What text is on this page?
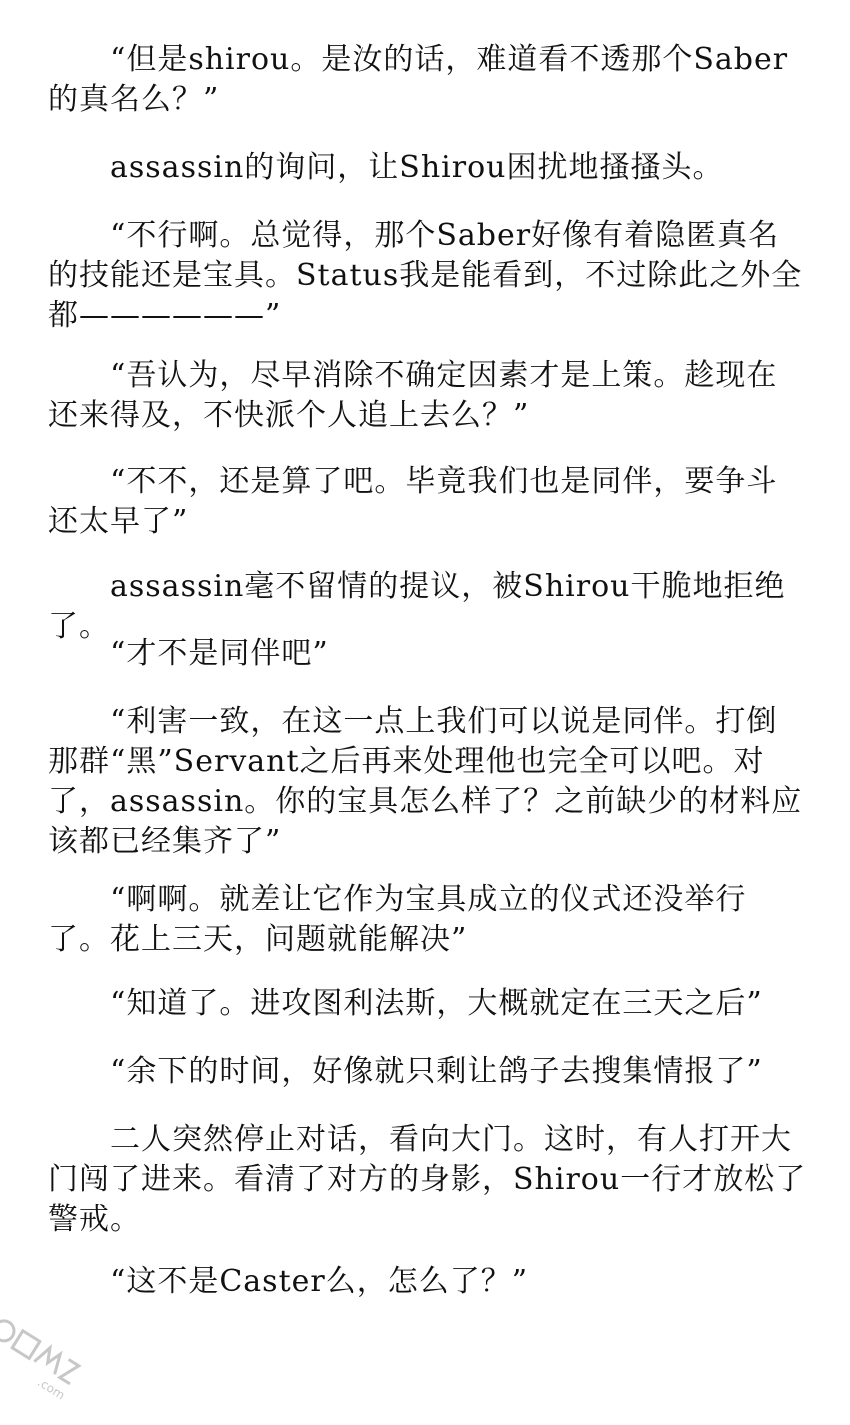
“但是shirou。是汝的话，难道看不透那个Saber的真名么？”

assassin的询问，让Shirou困扰地搔搔头。

“不行啊。总觉得，那个Saber好像有着隐匿真名的技能还是宝具。Status我是能看到，不过除此之外全都——————”

“吾认为，尽早消除不确定因素才是上策。趁现在还来得及，不快派个人追上去么？”

“不不，还是算了吧。毕竟我们也是同伴，要争斗还太早了”

assassin毫不留情的提议，被Shirou干脆地拒绝了。

“才不是同伴吧”

“利害一致，在这一点上我们可以说是同伴。打倒那群“黑”Servant之后再来处理他也完全可以吧。对了，assassin。你的宝具怎么样了？之前缺少的材料应该都已经集齐了”

“啊啊。就差让它作为宝具成立的仪式还没举行了。花上三天，问题就能解决”

“知道了。进攻图利法斯，大概就定在三天之后”

“余下的时间，好像就只剩让鸽子去搜集情报了”

二人突然停止对话，看向大门。这时，有人打开大门闯了进来。看清了对方的身影，Shirou一行才放松了警戒。

“这不是Caster么，怎么了？”

.com
